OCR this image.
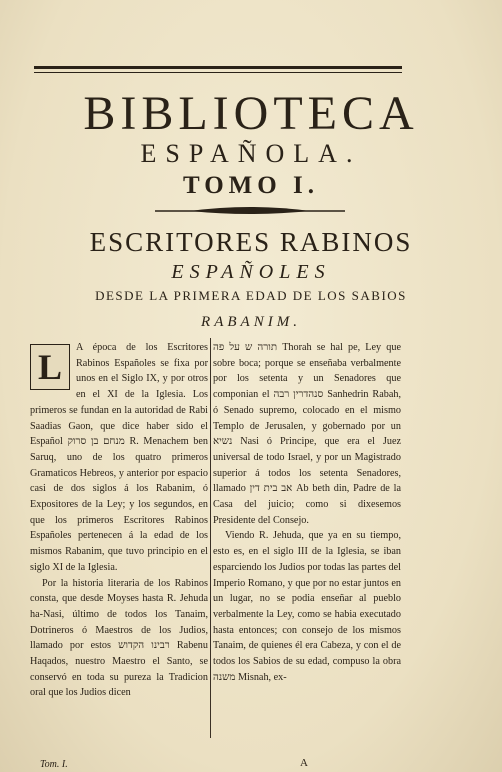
BIBLIOTECA
ESPAÑOLA.
TOMO I.
ESCRITORES RABINOS
ESPAÑOLES
DESDE LA PRIMERA EDAD DE LOS SABIOS
RABANIM.
L	A época de los Escritores Rabinos Españoles se fixa por unos en el Siglo IX, y por otros en el XI de la Iglesia. Los primeros se fundan en la autoridad de Rabi Saadias Gaon, que dice haber sido el Español מנחם בן סרוק R. Menachem ben Saruq, uno de los quatro primeros Gramaticos Hebreos, y anterior por espacio casi de dos siglos á los Rabanim, ó Expositores de la Ley; y los segundos, en que los primeros Escritores Rabinos Españoles pertenecen á la edad de los mismos Rabanim, que tuvo principio en el siglo XI de la Iglesia.

Por la historia literaria de los Rabinos consta, que desde Moyses hasta R. Jehuda ha-Nasi, último de todos los Tanaim, Dotrineros ó Maestros de los Judios, llamado por estos רבינו הקדוש Rabenu Haqados, nuestro Maestro el Santo, se conservó en toda su pureza la Tradicion oral que los Judios dicen

תורה ש על פה Thorah se hal pe, Ley que sobre boca; porque se enseñaba verbalmente por los setenta y un Senadores que componian el סנהדרין רבה Sanhedrin Rabah, ó Senado supremo, colocado en el mismo Templo de Jerusalen, y gobernado por un נשיא Nasi ó Principe, que era el Juez universal de todo Israel, y por un Magistrado superior á todos los setenta Senadores, llamado אב בית דין Ab beth din, Padre de la Casa del juicio; como si dixesemos Presidente del Consejo.

Viendo R. Jehuda, que ya en su tiempo, esto es, en el siglo III de la Iglesia, se iban esparciendo los Judios por todas las partes del Imperio Romano, y que por no estar juntos en un lugar, no se podia enseñar al pueblo verbalmente la Ley, como se habia executado hasta entonces; con consejo de los mismos Tanaim, de quienes él era Cabeza, y con el de todos los Sabios de su edad, compuso la obra משנה Misnah, ex-

Tom. I.	A
